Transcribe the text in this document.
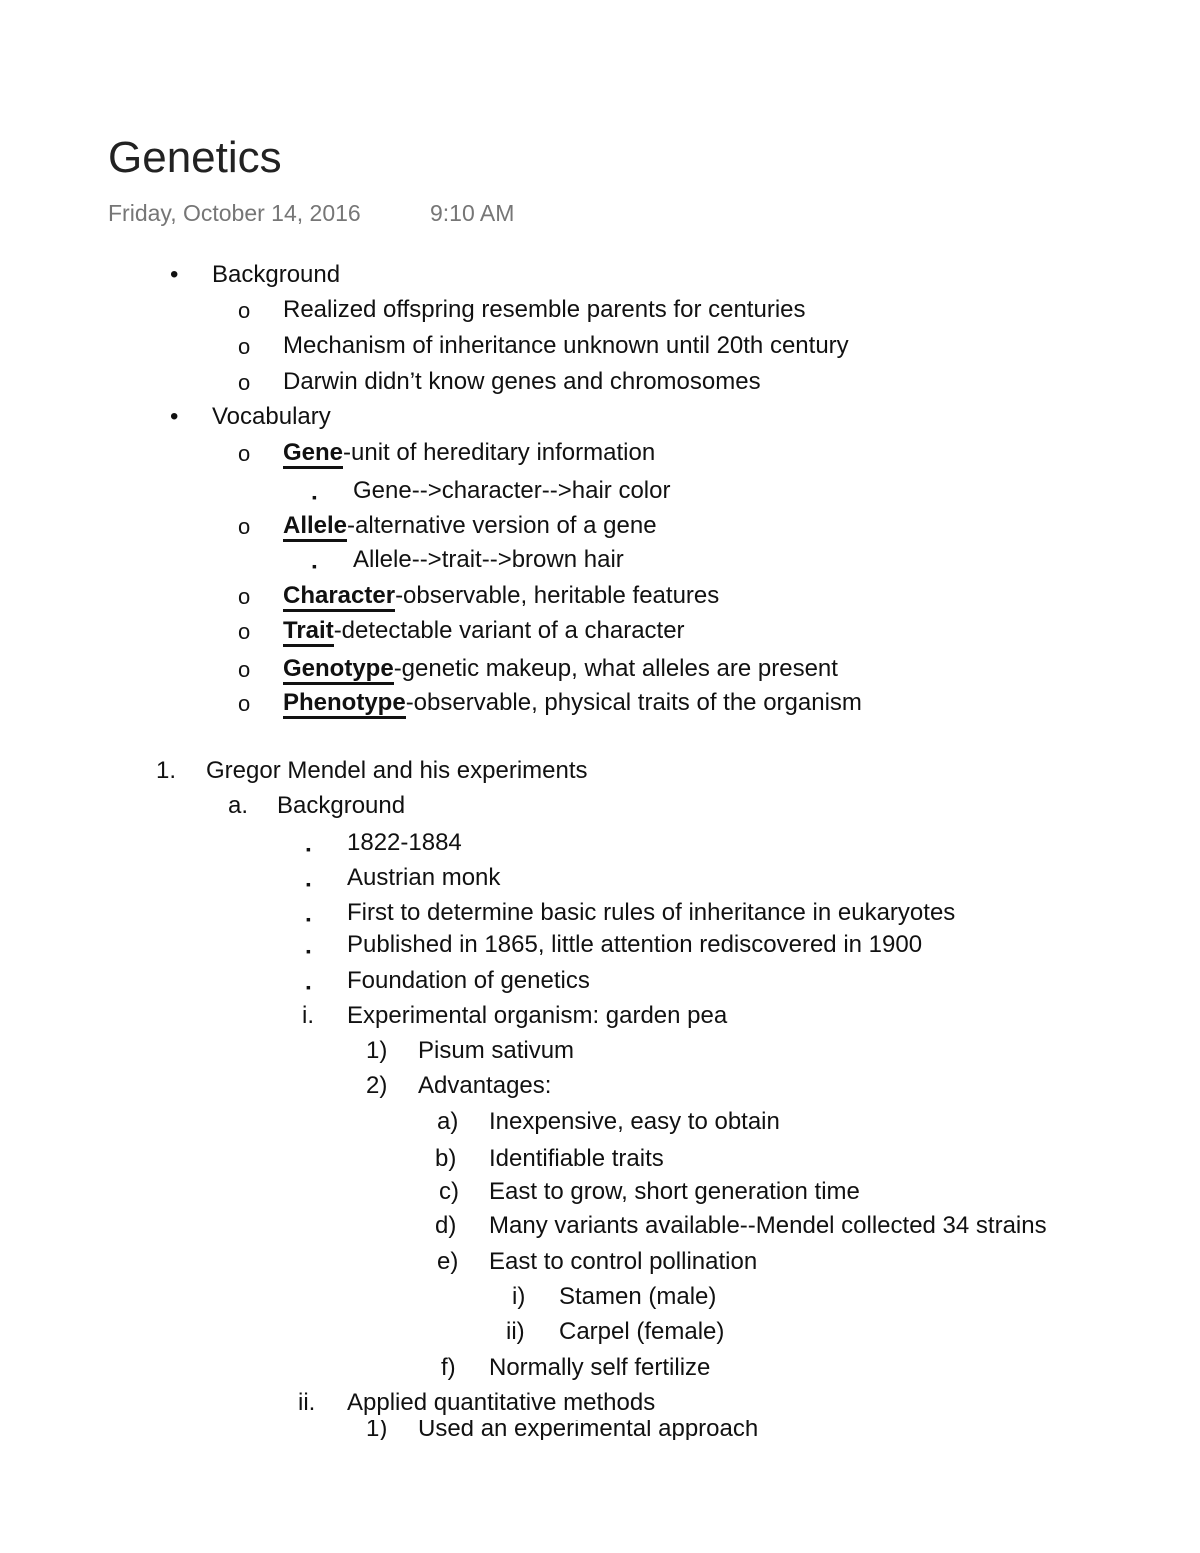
Genetics
Friday, October 14, 2016	9:10 AM
• Background
o Realized offspring resemble parents for centuries
o Mechanism of inheritance unknown until 20th century
o Darwin didn’t know genes and chromosomes
• Vocabulary
o Gene-unit of hereditary information
▪ Gene-->character-->hair color
o Allele-alternative version of a gene
▪ Allele-->trait-->brown hair
o Character-observable, heritable features
o Trait-detectable variant of a character
o Genotype-genetic makeup, what alleles are present
o Phenotype-observable, physical traits of the organism
1. Gregor Mendel and his experiments
a. Background
▪ 1822-1884
▪ Austrian monk
▪ First to determine basic rules of inheritance in eukaryotes
▪ Published in 1865, little attention rediscovered in 1900
▪ Foundation of genetics
i. Experimental organism: garden pea
1) Pisum sativum
2) Advantages:
a) Inexpensive, easy to obtain
b) Identifiable traits
c) East to grow, short generation time
d) Many variants available--Mendel collected 34 strains
e) East to control pollination
i) Stamen (male)
ii) Carpel (female)
f) Normally self fertilize
ii. Applied quantitative methods
1) Used an experimental approach
